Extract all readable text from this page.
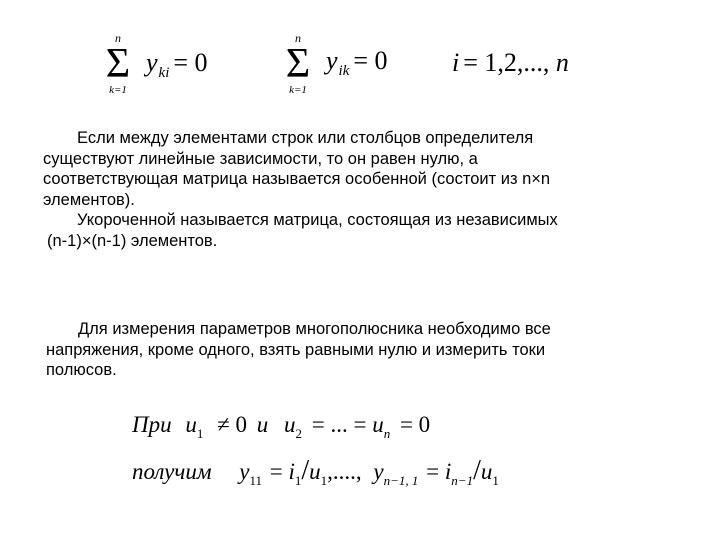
n
Σ
k=1
yki = 0
n
Σ
k=1
yik = 0 i = 1,2,..., n
Если между элементами строк или столбцов определителя
существуют линейные зависимости, то он равен нулю, а
соответствующая матрица называется особенной (состоит из n×n
элементов).
Укороченной называется матрица, состоящая из независимых
(n-1)×(n-1) элементов.
Для измерения параметров многополюсника необходимо все
напряжения, кроме одного, взять равными нулю и измерить токи
полюсов.
При $u_1 \ne 0$ и $u_2$ = ... = $u_n = 0$
получим $y_{11} = i_1/u_1$,...., $y_{n-1, 1} = i_{n-1}/u_1$
